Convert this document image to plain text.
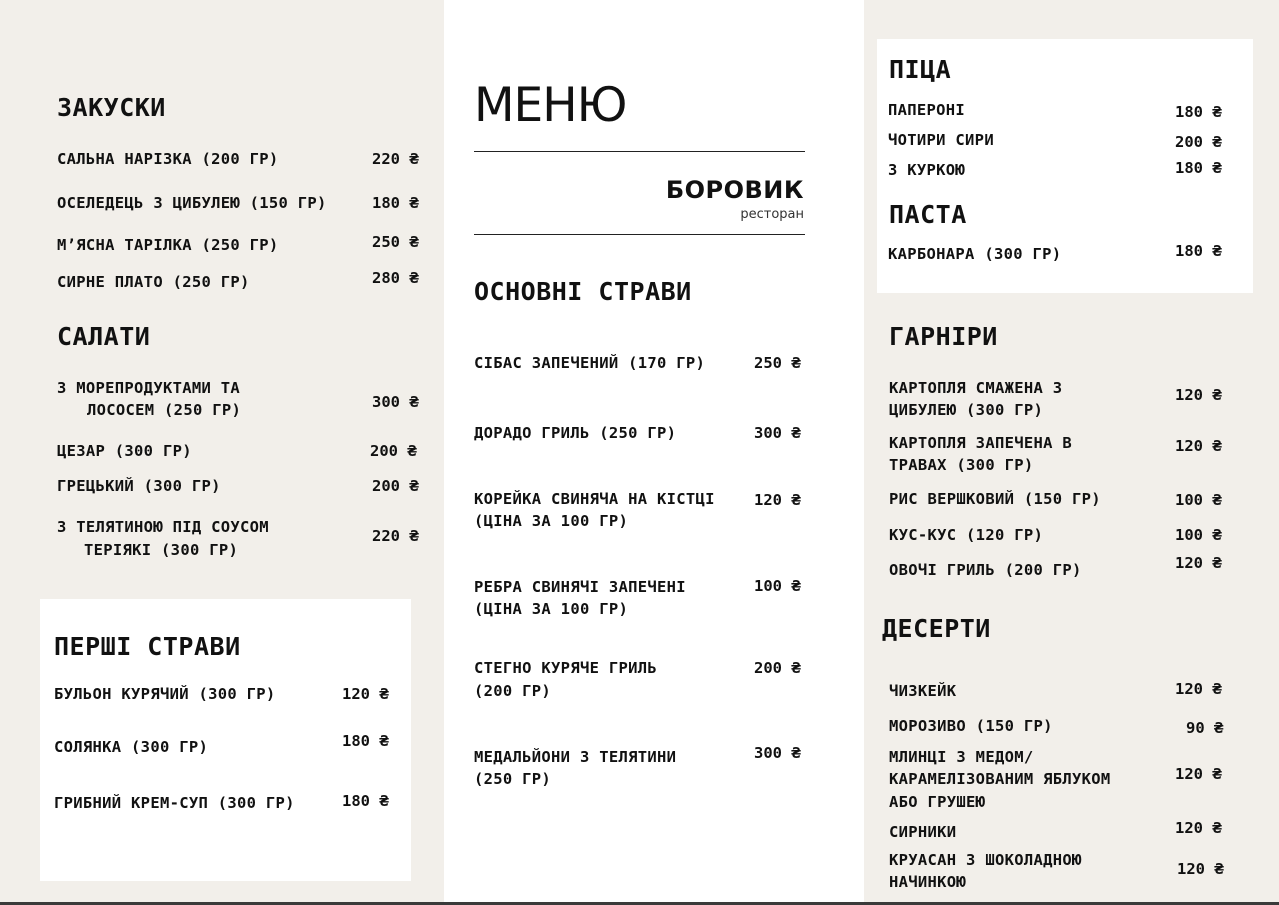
ЗАКУСКИ
САЛЬНА НАРІЗКА (200 ГР)	220 ₴
ОСЕЛЕДЕЦЬ З ЦИБУЛЕЮ (150 ГР)	180 ₴
М’ЯСНА ТАРІЛКА (250 ГР)	250 ₴
СИРНЕ ПЛАТО (250 ГР)	280 ₴
САЛАТИ
З МОРЕПРОДУКТАМИ ТА
ЛОСОСЕМ (250 ГР)	300 ₴
ЦЕЗАР (300 ГР)	200 ₴
ГРЕЦЬКИЙ (300 ГР)	200 ₴
З ТЕЛЯТИНОЮ ПІД СОУСОМ
ТЕРІЯКІ (300 ГР)
220 ₴
ПЕРШІ СТРАВИ
БУЛЬОН КУРЯЧИЙ (300 ГР)	120 ₴
СОЛЯНКА (300 ГР)	180 ₴
ГРИБНИЙ КРЕМ-СУП (300 ГР)	180 ₴
МЕНЮ
БОРОВИК
ресторан
ОСНОВНІ СТРАВИ
СІБАС ЗАПЕЧЕНИЙ (170 ГР)	250 ₴
ДОРАДО ГРИЛЬ (250 ГР)	300 ₴
КОРЕЙКА СВИНЯЧА НА КІСТЦІ
(ЦІНА ЗА 100 ГР)
120 ₴
РЕБРА СВИНЯЧІ ЗАПЕЧЕНІ
(ЦІНА ЗА 100 ГР)
100 ₴
СТЕГНО КУРЯЧЕ ГРИЛЬ
(200 ГР)
200 ₴
МЕДАЛЬЙОНИ З ТЕЛЯТИНИ
(250 ГР)
300 ₴
ПІЦА
ПАПЕРОНІ	180 ₴
ЧОТИРИ СИРИ	200 ₴
З КУРКОЮ	180 ₴
ПАСТА
КАРБОНАРА (300 ГР)	180 ₴
ГАРНІРИ
КАРТОПЛЯ СМАЖЕНА З
ЦИБУЛЕЮ (300 ГР)
120 ₴
КАРТОПЛЯ ЗАПЕЧЕНА В
ТРАВАХ (300 ГР)
120 ₴
РИС ВЕРШКОВИЙ (150 ГР)	100 ₴
КУС-КУС (120 ГР)	100 ₴
ОВОЧІ ГРИЛЬ (200 ГР)	120 ₴
ДЕСЕРТИ
ЧИЗКЕЙК	120 ₴
МОРОЗИВО (150 ГР)	90 ₴
МЛИНЦІ З МЕДОМ/
КАРАМЕЛІЗОВАНИМ ЯБЛУКОМ
АБО ГРУШЕЮ
120 ₴
СИРНИКИ	120 ₴
КРУАСАН З ШОКОЛАДНОЮ
НАЧИНКОЮ
120 ₴
